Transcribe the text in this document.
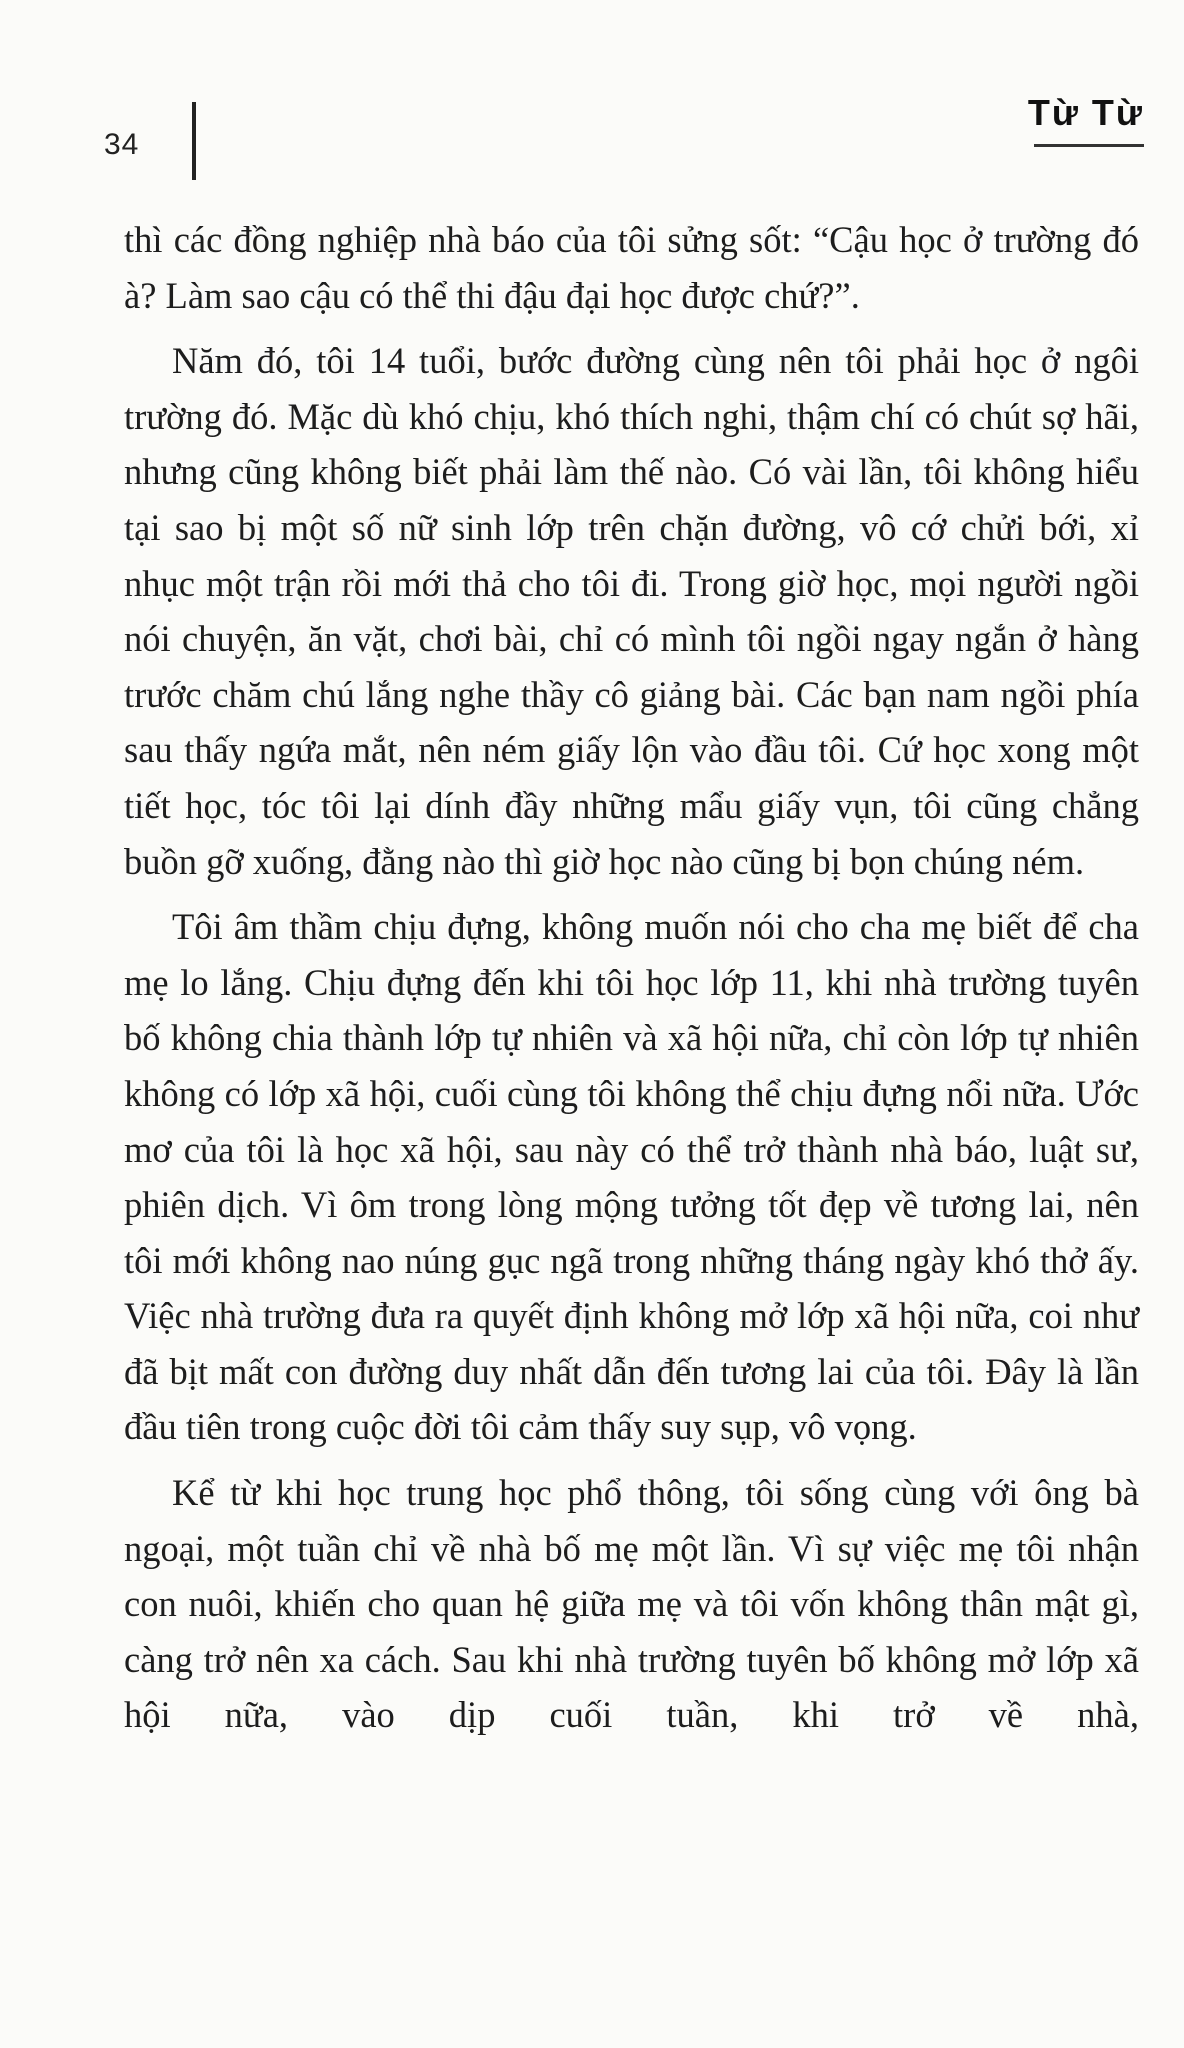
34
Từ Từ

thì các đồng nghiệp nhà báo của tôi sửng sốt: “Cậu học ở trường đó à? Làm sao cậu có thể thi đậu đại học được chứ?”.

Năm đó, tôi 14 tuổi, bước đường cùng nên tôi phải học ở ngôi trường đó. Mặc dù khó chịu, khó thích nghi, thậm chí có chút sợ hãi, nhưng cũng không biết phải làm thế nào. Có vài lần, tôi không hiểu tại sao bị một số nữ sinh lớp trên chặn đường, vô cớ chửi bới, xỉ nhục một trận rồi mới thả cho tôi đi. Trong giờ học, mọi người ngồi nói chuyện, ăn vặt, chơi bài, chỉ có mình tôi ngồi ngay ngắn ở hàng trước chăm chú lắng nghe thầy cô giảng bài. Các bạn nam ngồi phía sau thấy ngứa mắt, nên ném giấy lộn vào đầu tôi. Cứ học xong một tiết học, tóc tôi lại dính đầy những mẩu giấy vụn, tôi cũng chẳng buồn gỡ xuống, đằng nào thì giờ học nào cũng bị bọn chúng ném.

Tôi âm thầm chịu đựng, không muốn nói cho cha mẹ biết để cha mẹ lo lắng. Chịu đựng đến khi tôi học lớp 11, khi nhà trường tuyên bố không chia thành lớp tự nhiên và xã hội nữa, chỉ còn lớp tự nhiên không có lớp xã hội, cuối cùng tôi không thể chịu đựng nổi nữa. Ước mơ của tôi là học xã hội, sau này có thể trở thành nhà báo, luật sư, phiên dịch. Vì ôm trong lòng mộng tưởng tốt đẹp về tương lai, nên tôi mới không nao núng gục ngã trong những tháng ngày khó thở ấy. Việc nhà trường đưa ra quyết định không mở lớp xã hội nữa, coi như đã bịt mất con đường duy nhất dẫn đến tương lai của tôi. Đây là lần đầu tiên trong cuộc đời tôi cảm thấy suy sụp, vô vọng.

Kể từ khi học trung học phổ thông, tôi sống cùng với ông bà ngoại, một tuần chỉ về nhà bố mẹ một lần. Vì sự việc mẹ tôi nhận con nuôi, khiến cho quan hệ giữa mẹ và tôi vốn không thân mật gì, càng trở nên xa cách. Sau khi nhà trường tuyên bố không mở lớp xã hội nữa, vào dịp cuối tuần, khi trở về nhà,
